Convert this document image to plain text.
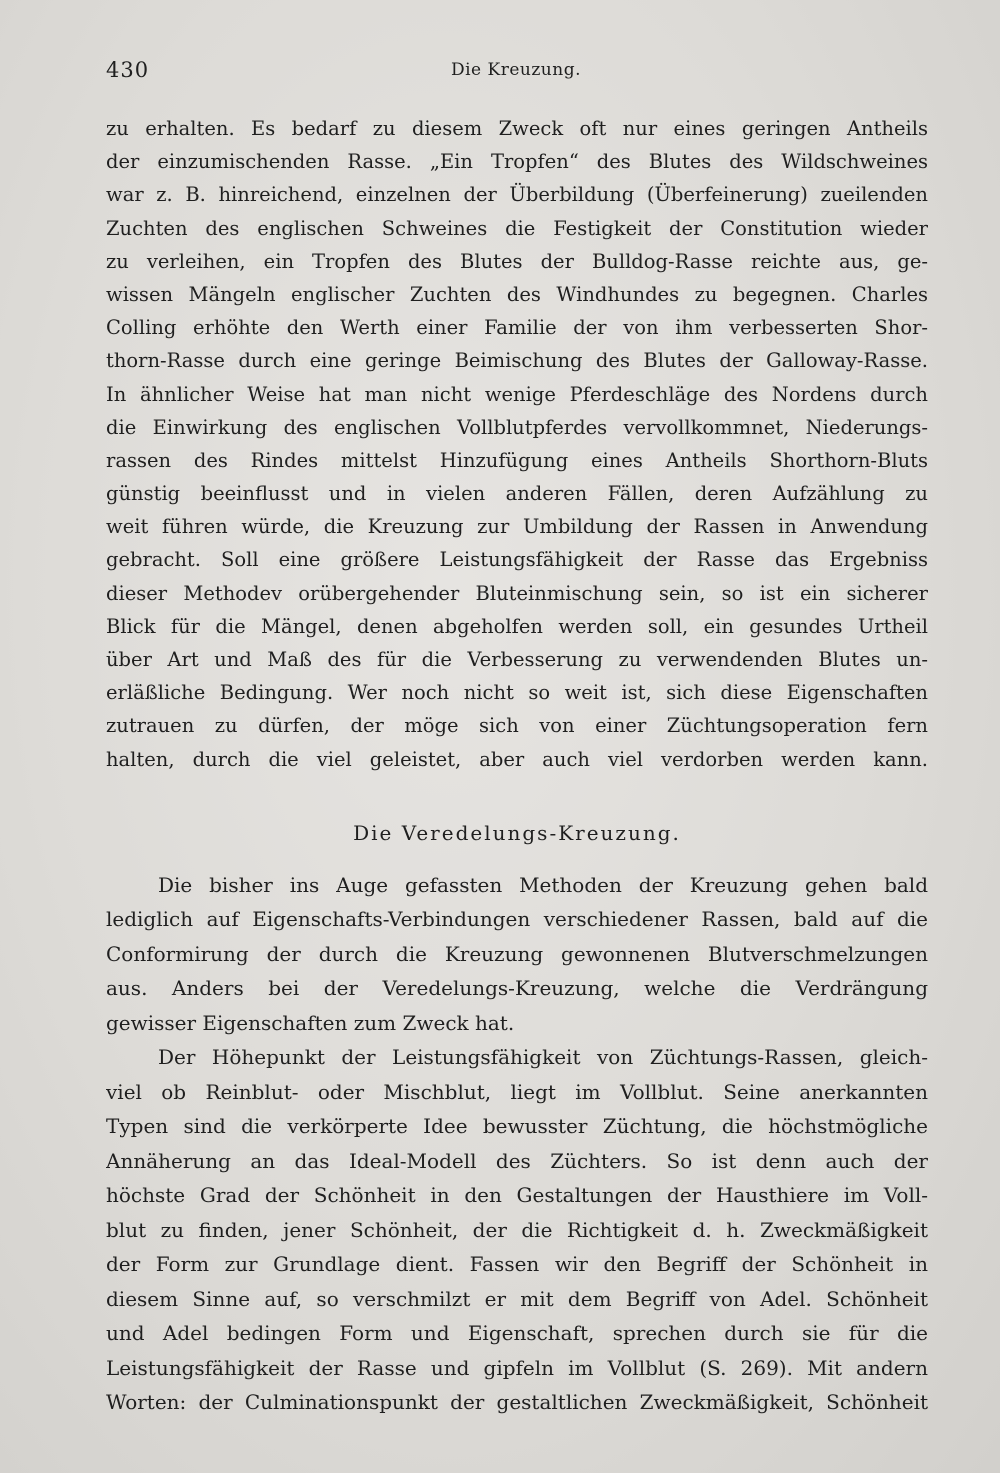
430	Die Kreuzung.
zu erhalten. Es bedarf zu diesem Zweck oft nur eines geringen Antheils
der einzumischenden Rasse. „Ein Tropfen“ des Blutes des Wildschweines
war z. B. hinreichend, einzelnen der Überbildung (Überfeinerung) zueilenden
Zuchten des englischen Schweines die Festigkeit der Constitution wieder
zu verleihen, ein Tropfen des Blutes der Bulldog-Rasse reichte aus, ge-
wissen Mängeln englischer Zuchten des Windhundes zu begegnen. Charles
Colling erhöhte den Werth einer Familie der von ihm verbesserten Shor-
thorn-Rasse durch eine geringe Beimischung des Blutes der Galloway-Rasse.
In ähnlicher Weise hat man nicht wenige Pferdeschläge des Nordens durch
die Einwirkung des englischen Vollblutpferdes vervollkommnet, Niederungs-
rassen des Rindes mittelst Hinzufügung eines Antheils Shorthorn-Bluts
günstig beeinflusst und in vielen anderen Fällen, deren Aufzählung zu
weit führen würde, die Kreuzung zur Umbildung der Rassen in Anwendung
gebracht. Soll eine größere Leistungsfähigkeit der Rasse das Ergebniss
dieser Methodev orübergehender Bluteinmischung sein, so ist ein sicherer
Blick für die Mängel, denen abgeholfen werden soll, ein gesundes Urtheil
über Art und Maß des für die Verbesserung zu verwendenden Blutes un-
erläßliche Bedingung. Wer noch nicht so weit ist, sich diese Eigenschaften
zutrauen zu dürfen, der möge sich von einer Züchtungsoperation fern
halten, durch die viel geleistet, aber auch viel verdorben werden kann.
Die Veredelungs-Kreuzung.
Die bisher ins Auge gefassten Methoden der Kreuzung gehen bald
lediglich auf Eigenschafts-Verbindungen verschiedener Rassen, bald auf die
Conformirung der durch die Kreuzung gewonnenen Blutverschmelzungen
aus. Anders bei der Veredelungs-Kreuzung, welche die Verdrängung
gewisser Eigenschaften zum Zweck hat.
Der Höhepunkt der Leistungsfähigkeit von Züchtungs-Rassen, gleich-
viel ob Reinblut- oder Mischblut, liegt im Vollblut. Seine anerkannten
Typen sind die verkörperte Idee bewusster Züchtung, die höchstmögliche
Annäherung an das Ideal-Modell des Züchters. So ist denn auch der
höchste Grad der Schönheit in den Gestaltungen der Hausthiere im Voll-
blut zu finden, jener Schönheit, der die Richtigkeit d. h. Zweckmäßigkeit
der Form zur Grundlage dient. Fassen wir den Begriff der Schönheit in
diesem Sinne auf, so verschmilzt er mit dem Begriff von Adel. Schönheit
und Adel bedingen Form und Eigenschaft, sprechen durch sie für die
Leistungsfähigkeit der Rasse und gipfeln im Vollblut (S. 269). Mit andern
Worten: der Culminationspunkt der gestaltlichen Zweckmäßigkeit, Schönheit
